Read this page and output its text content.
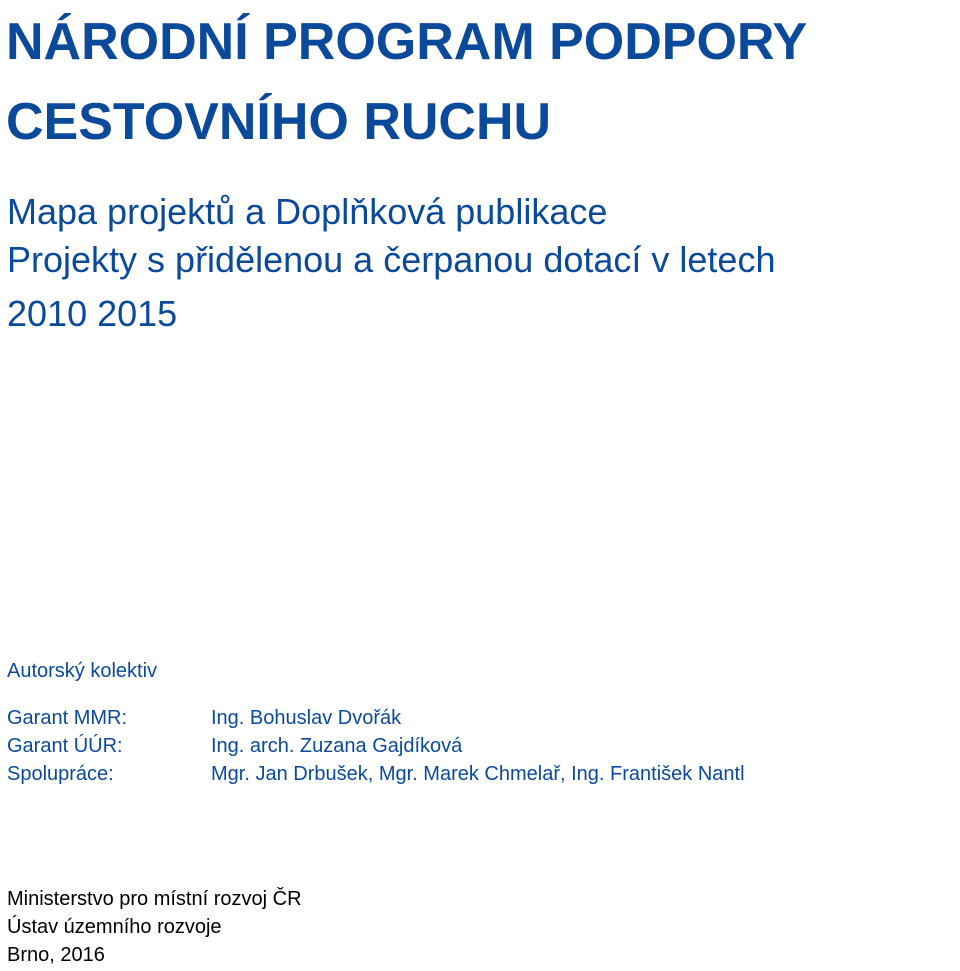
NÁRODNÍ PROGRAM PODPORY
CESTOVNÍHO RUCHU

Mapa projektů a Doplňková publikace

Projekty s přidělenou a čerpanou dotací v letech

2010 2015

Autorský kolektiv
Garant MMR:	Ing. Bohuslav Dvořák
Garant ÚÚR:	Ing. arch. Zuzana Gajdíková
Spolupráce:	Mgr. Jan Drbušek, Mgr. Marek Chmelař, Ing. František Nantl
Ministerstvo pro místní rozvoj ČR
Ústav územního rozvoje
Brno, 2016
